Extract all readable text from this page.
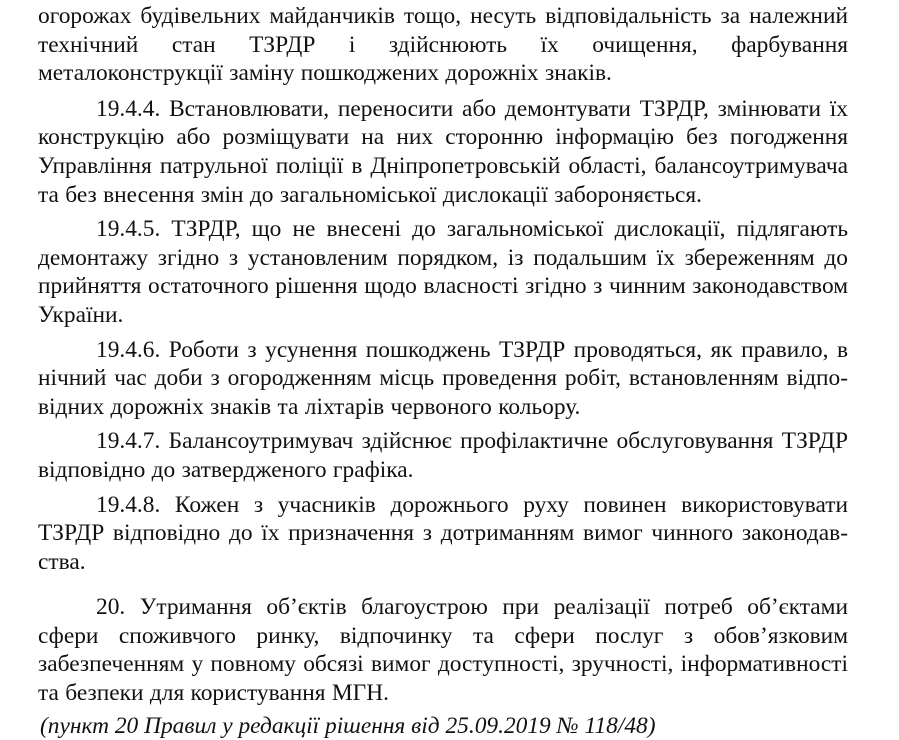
огорожах будівельних майданчиків тощо, несуть відповідальність за належний технічний стан ТЗРДР і здійснюють їх очищення, фарбування металоконструкції заміну пошкоджених дорожніх знаків.

19.4.4. Встановлювати, переносити або демонтувати ТЗРДР, змінювати їх конструкцію або розміщувати на них сторонню інформацію без погодження Управління патрульної поліції в Дніпропетровській області, балансоутримувача та без внесення змін до загальноміської дислокації забороняється.

19.4.5. ТЗРДР, що не внесені до загальноміської дислокації, підлягають демонтажу згідно з установленим порядком, із подальшим їх збереженням до прийняття остаточного рішення щодо власності згідно з чинним законодавством України.

19.4.6. Роботи з усунення пошкоджень ТЗРДР проводяться, як правило, в нічний час доби з огородженням місць проведення робіт, встановленням відповідних дорожніх знаків та ліхтарів червоного кольору.

19.4.7. Балансоутримувач здійснює профілактичне обслуговування ТЗРДР відповідно до затвердженого графіка.

19.4.8. Кожен з учасників дорожнього руху повинен використовувати ТЗРДР відповідно до їх призначення з дотриманням вимог чинного законодавства.

20. Утримання об’єктів благоустрою при реалізації потреб об’єктами сфери споживчого ринку, відпочинку та сфери послуг з обов’язковим забезпеченням у повному обсязі вимог доступності, зручності, інформативності та безпеки для користування МГН.

(пункт 20 Правил у редакції рішення від 25.09.2019 № 118/48)
